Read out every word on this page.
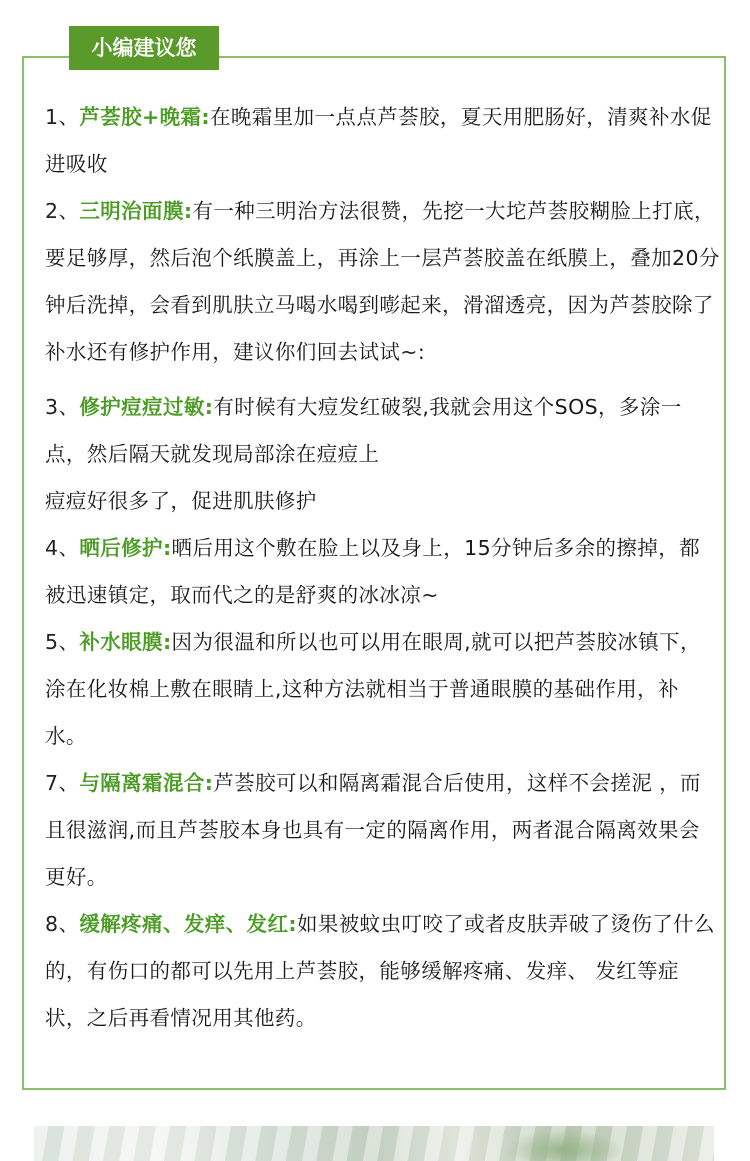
小编建议您

1、芦荟胶+晚霜:在晚霜里加一点点芦荟胶，夏天用肥肠好，清爽补水促进吸收

2、三明治面膜:有一种三明治方法很赞，先挖一大坨芦荟胶糊脸上打底，要足够厚，然后泡个纸膜盖上，再涂上一层芦荟胶盖在纸膜上，叠加20分钟后洗掉，会看到肌肤立马喝水喝到嘭起来，滑溜透亮，因为芦荟胶除了补水还有修护作用，建议你们回去试试~:

3、修护痘痘过敏:有时候有大痘发红破裂,我就会用这个SOS，多涂一点，然后隔天就发现局部涂在痘痘上
痘痘好很多了，促进肌肤修护

4、晒后修护:晒后用这个敷在脸上以及身上，15分钟后多余的擦掉，都被迅速镇定，取而代之的是舒爽的冰冰凉~

5、补水眼膜:因为很温和所以也可以用在眼周,就可以把芦荟胶冰镇下，涂在化妆棉上敷在眼睛上,这种方法就相当于普通眼膜的基础作用，补水。

7、与隔离霜混合:芦荟胶可以和隔离霜混合后使用，这样不会搓泥 ，而且很滋润,而且芦荟胶本身也具有一定的隔离作用，两者混合隔离效果会更好。

8、缓解疼痛、发痒、发红:如果被蚊虫叮咬了或者皮肤弄破了烫伤了什么的，有伤口的都可以先用上芦荟胶，能够缓解疼痛、发痒、 发红等症状，之后再看情况用其他药。
